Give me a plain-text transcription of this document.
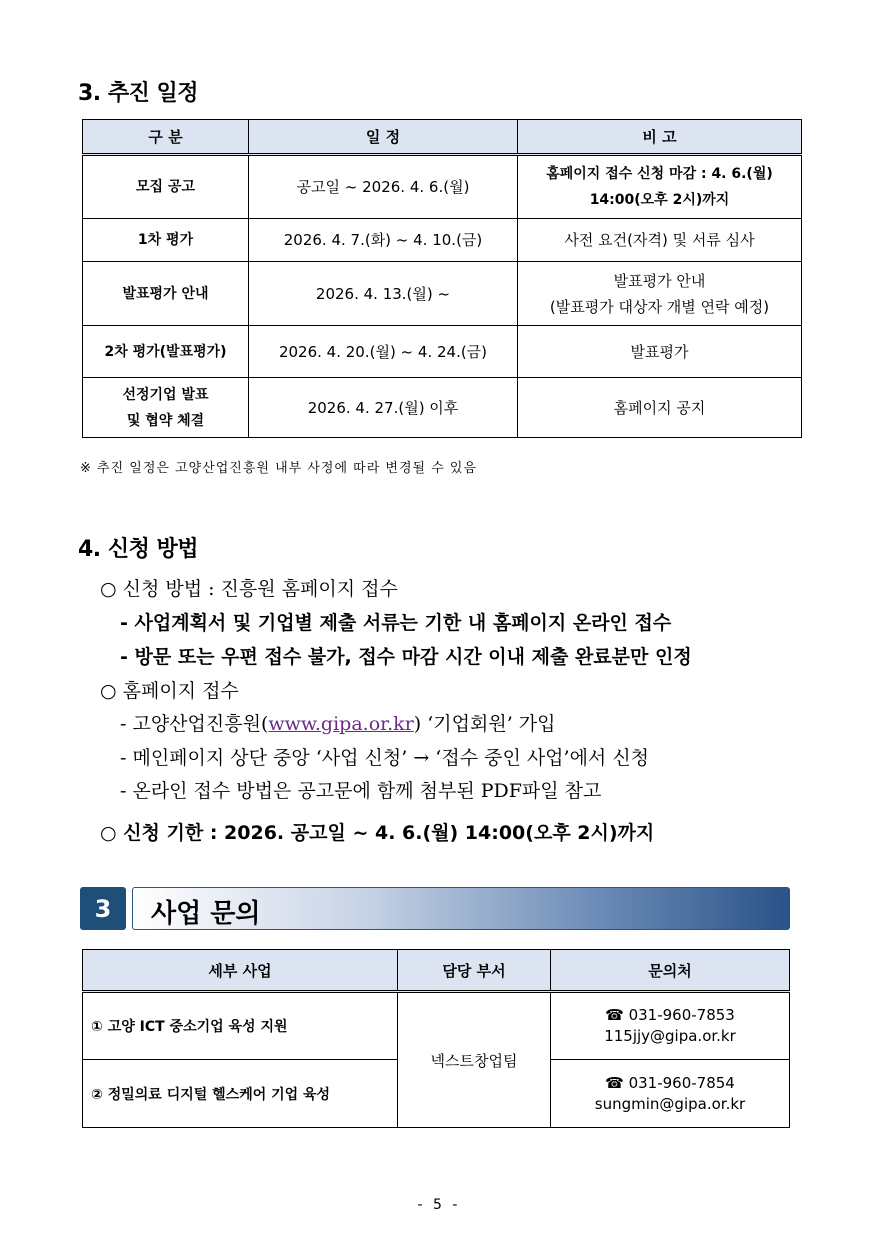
3. 추진 일정
구 분	일 정	비 고
모집 공고	공고일 ~ 2026. 4. 6.(월)	홈페이지 접수 신청 마감 : 4. 6.(월)
14:00(오후 2시)까지
1차 평가	2026. 4. 7.(화) ~ 4. 10.(금)	사전 요건(자격) 및 서류 심사
발표평가 안내	2026. 4. 13.(월) ~	발표평가 안내
(발표평가 대상자 개별 연락 예정)
2차 평가(발표평가)	2026. 4. 20.(월) ~ 4. 24.(금)	발표평가
선정기업 발표
및 협약 체결	2026. 4. 27.(월) 이후	홈페이지 공지
※ 추진 일정은 고양산업진흥원 내부 사정에 따라 변경될 수 있음
4. 신청 방법
○ 신청 방법 : 진흥원 홈페이지 접수
- 사업계획서 및 기업별 제출 서류는 기한 내 홈페이지 온라인 접수
- 방문 또는 우편 접수 불가, 접수 마감 시간 이내 제출 완료분만 인정
○ 홈페이지 접수
- 고양산업진흥원(www.gipa.or.kr) ‘기업회원’ 가입
- 메인페이지 상단 중앙 ‘사업 신청’ → ‘접수 중인 사업’에서 신청
- 온라인 접수 방법은 공고문에 함께 첨부된 PDF파일 참고
○ 신청 기한 : 2026. 공고일 ~ 4. 6.(월) 14:00(오후 2시)까지
3	사업 문의
세부 사업	담당 부서	문의처
① 고양 ICT 중소기업 육성 지원	넥스트창업팀	☎ 031-960-7853
115jjy@gipa.or.kr
② 정밀의료 디지털 헬스케어 기업 육성		☎ 031-960-7854
sungmin@gipa.or.kr
- 5 -
